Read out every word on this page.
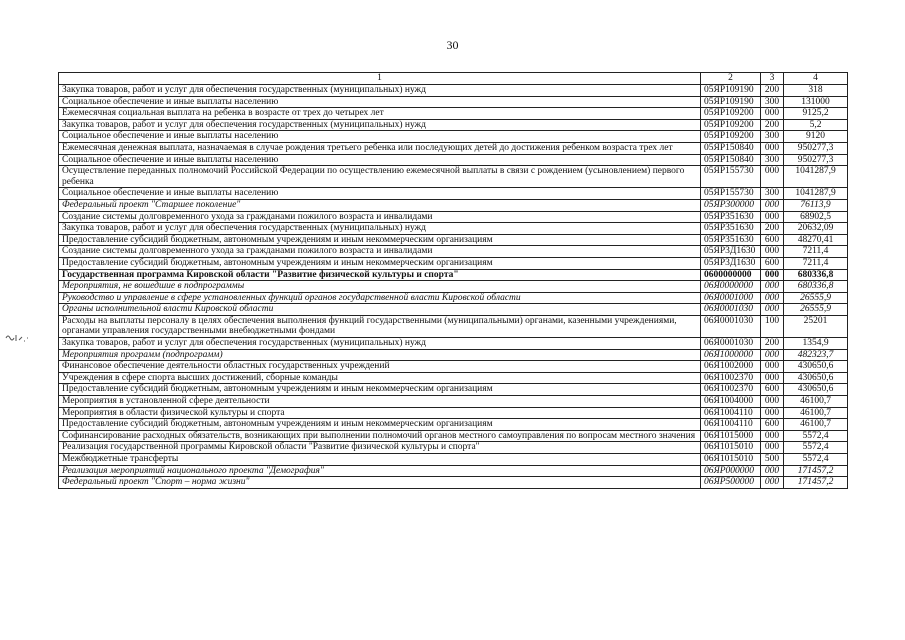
30
1	2	3	4
Закупка товаров, работ и услуг для обеспечения государственных (муниципальных) нужд	05ЯР109190	200	318
Социальное обеспечение и иные выплаты населению	05ЯР109190	300	131000
Ежемесячная социальная выплата на ребенка в возрасте от трех до четырех лет	05ЯР109200	000	9125,2
Закупка товаров, работ и услуг для обеспечения государственных (муниципальных) нужд	05ЯР109200	200	5,2
Социальное обеспечение и иные выплаты населению	05ЯР109200	300	9120
Ежемесячная денежная выплата, назначаемая в случае рождения третьего ребенка или последующих детей до достижения ребенком возраста трех лет	05ЯР150840	000	950277,3
Социальное обеспечение и иные выплаты населению	05ЯР150840	300	950277,3
Осуществление переданных полномочий Российской Федерации по осуществлению ежемесячной выплаты в связи с рождением (усыновлением) первого ребенка	05ЯР155730	000	1041287,9
Социальное обеспечение и иные выплаты населению	05ЯР155730	300	1041287,9
Федеральный проект "Старшее поколение"	05ЯР300000	000	76113,9
Создание системы долговременного ухода за гражданами пожилого возраста и инвалидами	05ЯР351630	000	68902,5
Закупка товаров, работ и услуг для обеспечения государственных (муниципальных) нужд	05ЯР351630	200	20632,09
Предоставление субсидий бюджетным, автономным учреждениям и иным некоммерческим организациям	05ЯР351630	600	48270,41
Создание системы долговременного ухода за гражданами пожилого возраста и инвалидами	05ЯР3Д1630	000	7211,4
Предоставление субсидий бюджетным, автономным учреждениям и иным некоммерческим организациям	05ЯР3Д1630	600	7211,4
Государственная программа Кировской области "Развитие физической культуры и спорта"	0600000000	000	680336,8
Мероприятия, не вошедшие в подпрограммы	06Я0000000	000	680336,8
Руководство и управление в сфере установленных функций органов государственной власти Кировской области	06Я0001000	000	26555,9
Органы исполнительной власти Кировской области	06Я0001030	000	26555,9
Расходы на выплаты персоналу в целях обеспечения выполнения функций государственными (муниципальными) органами, казенными учреждениями, органами управления государственными внебюджетными фондами	06Я0001030	100	25201
Закупка товаров, работ и услуг для обеспечения государственных (муниципальных) нужд	06Я0001030	200	1354,9
Мероприятия программ (подпрограмм)	06Я1000000	000	482323,7
Финансовое обеспечение деятельности областных государственных учреждений	06Я1002000	000	430650,6
Учреждения в сфере спорта высших достижений, сборные команды	06Я1002370	000	430650,6
Предоставление субсидий бюджетным, автономным учреждениям и иным некоммерческим организациям	06Я1002370	600	430650,6
Мероприятия в установленной сфере деятельности	06Я1004000	000	46100,7
Мероприятия в области физической культуры и спорта	06Я1004110	000	46100,7
Предоставление субсидий бюджетным, автономным учреждениям и иным некоммерческим организациям	06Я1004110	600	46100,7
Софинансирование расходных обязательств, возникающих при выполнении полномочий органов местного самоуправления по вопросам местного значения	06Я1015000	000	5572,4
Реализация государственной программы Кировской области "Развитие физической культуры и спорта"	06Я1015010	000	5572,4
Межбюджетные трансферты	06Я1015010	500	5572,4
Реализация мероприятий национального проекта "Демография"	06ЯР000000	000	171457,2
Федеральный проект "Спорт – норма жизни"	06ЯР500000	000	171457,2
